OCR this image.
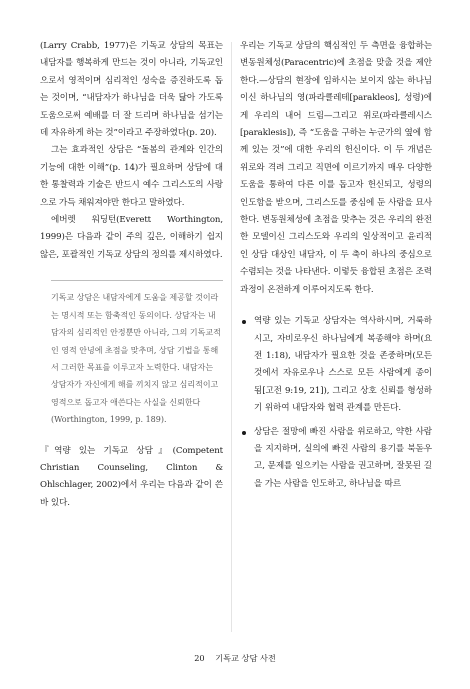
(Larry Crabb, 1977)은 기독교 상담의 목표는 내담자를 행복하게 만드는 것이 아니라, 기독교인으로서 영적이며 심리적인 성숙을 증진하도록 돕는 것이며, “내담자가 하나님을 더욱 닮아 가도록 도움으로써 예배를 더 잘 드리며 하나님을 섬기는 데 자유하게 하는 것”이라고 주장하였다(p. 20).

그는 효과적인 상담은 “돌봄의 관계와 인간의 기능에 대한 이해”(p. 14)가 필요하며 상담에 대한 통찰력과 기술은 반드시 예수 그리스도의 사랑으로 가득 채워져야만 한다고 말하였다.

에버렛 워딩턴(Everett Worthington, 1999)은 다음과 같이 주의 깊은, 이해하기 쉽지 않은, 포괄적인 기독교 상담의 정의를 제시하였다.

기독교 상담은 내담자에게 도움을 제공할 것이라는 명시적 또는 함축적인 동의이다. 상담자는 내담자의 심리적인 안정뿐만 아니라, 그의 기독교적인 영적 안녕에 초점을 맞추며, 상담 기법을 통해서 그러한 목표를 이루고자 노력한다. 내담자는 상담자가 자신에게 해를 끼치지 않고 심리적이고 영적으로 돕고자 애쓴다는 사실을 신뢰한다(Worthington, 1999, p. 189).

『역량 있는 기독교 상담』(Competent Christian Counseling, Clinton & Ohlschlager, 2002)에서 우리는 다음과 같이 쓴 바 있다.

우리는 기독교 상담의 핵심적인 두 측면을 융합하는 변동원체성(Paracentric)에 초점을 맞출 것을 제안한다.—상담의 현장에 임하시는 보이지 않는 하나님이신 하나님의 영(파라클레테[parakleos], 성령)에게 우리의 내어 드림—그리고 위로(파라클레시스[paraklesis]), 즉 “도움을 구하는 누군가의 옆에 함께 있는 것”에 대한 우리의 헌신이다. 이 두 개념은 위로와 격려 그리고 직면에 이르기까지 매우 다양한 도움을 통하여 다른 이를 돕고자 헌신되고, 성령의 인도함을 받으며, 그리스도를 중심에 둔 사람을 묘사한다. 변동원체성에 초점을 맞추는 것은 우리의 완전한 모델이신 그리스도와 우리의 일상적이고 윤리적인 상담 대상인 내담자, 이 두 축이 하나의 중심으로 수렴되는 것을 나타낸다. 이렇듯 융합된 초점은 조력 과정이 온전하게 이루어지도록 한다.

역량 있는 기독교 상담자는 역사하시며, 거룩하시고, 자비로우신 하나님에게 복종해야 하며(요전 1:18), 내담자가 필요한 것을 존중하며(모든 것에서 자유로우나 스스로 모든 사람에게 종이 됨[고전 9:19, 21]), 그리고 상호 신뢰를 형성하기 위하여 내담자와 협력 관계를 만든다.
상담은 절망에 빠진 사람을 위로하고, 약한 사람을 지지하며, 실의에 빠진 사람의 용기를 북돋우고, 문제를 일으키는 사람을 권고하며, 잘못된 길을 가는 사람을 인도하고, 하나님을 따르
20 기독교 상담 사전
